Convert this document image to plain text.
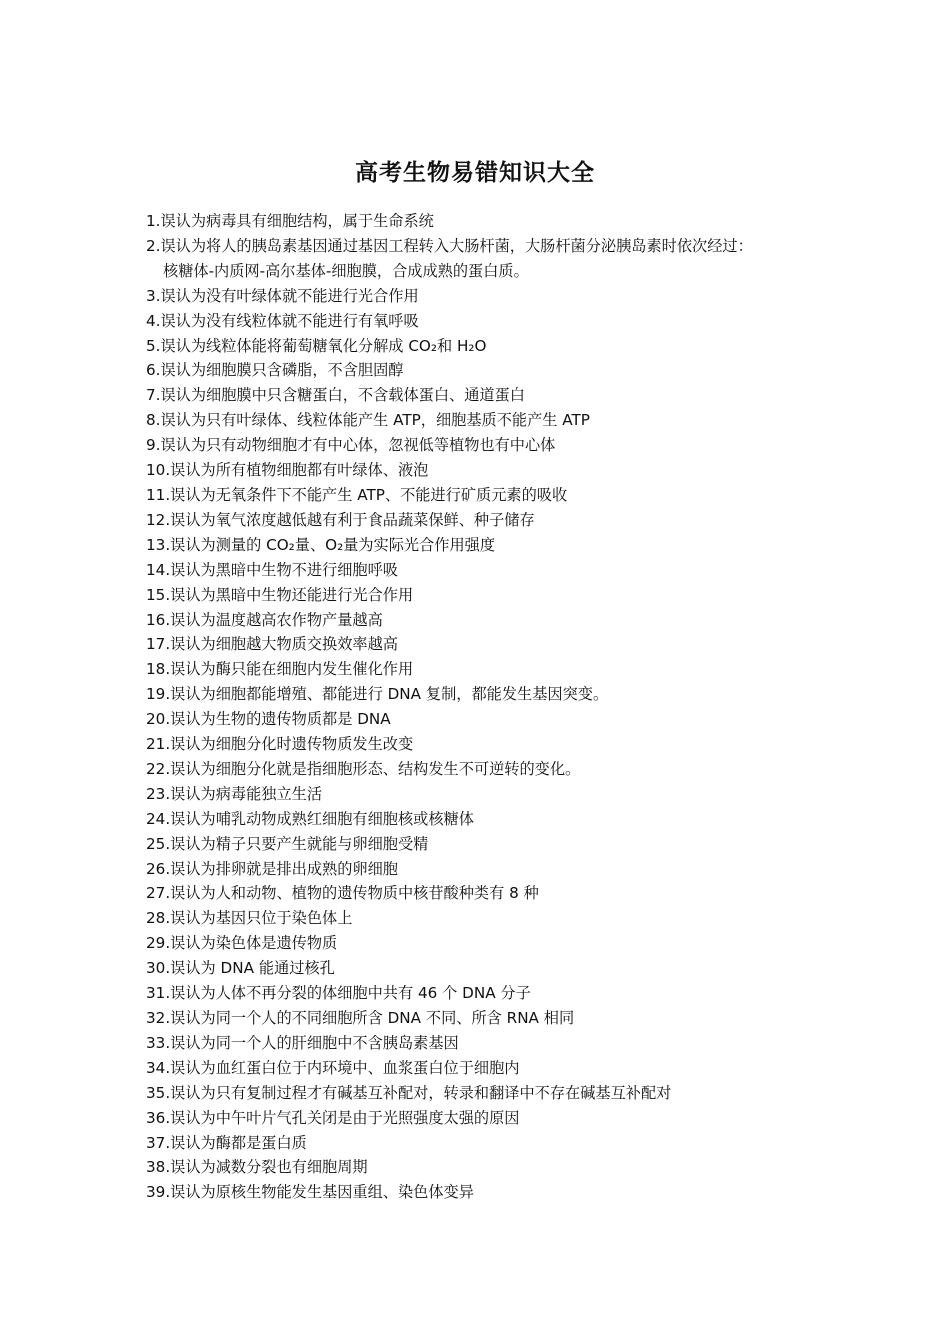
高考生物易错知识大全
1.误认为病毒具有细胞结构，属于生命系统
2.误认为将人的胰岛素基因通过基因工程转入大肠杆菌，大肠杆菌分泌胰岛素时依次经过：
核糖体-内质网-高尔基体-细胞膜，合成成熟的蛋白质。
3.误认为没有叶绿体就不能进行光合作用
4.误认为没有线粒体就不能进行有氧呼吸
5.误认为线粒体能将葡萄糖氧化分解成 CO₂和 H₂O
6.误认为细胞膜只含磷脂，不含胆固醇
7.误认为细胞膜中只含糖蛋白，不含载体蛋白、通道蛋白
8.误认为只有叶绿体、线粒体能产生 ATP，细胞基质不能产生 ATP
9.误认为只有动物细胞才有中心体，忽视低等植物也有中心体
10.误认为所有植物细胞都有叶绿体、液泡
11.误认为无氧条件下不能产生 ATP、不能进行矿质元素的吸收
12.误认为氧气浓度越低越有利于食品蔬菜保鲜、种子储存
13.误认为测量的 CO₂量、O₂量为实际光合作用强度
14.误认为黑暗中生物不进行细胞呼吸
15.误认为黑暗中生物还能进行光合作用
16.误认为温度越高农作物产量越高
17.误认为细胞越大物质交换效率越高
18.误认为酶只能在细胞内发生催化作用
19.误认为细胞都能增殖、都能进行 DNA 复制，都能发生基因突变。
20.误认为生物的遗传物质都是 DNA
21.误认为细胞分化时遗传物质发生改变
22.误认为细胞分化就是指细胞形态、结构发生不可逆转的变化。
23.误认为病毒能独立生活
24.误认为哺乳动物成熟红细胞有细胞核或核糖体
25.误认为精子只要产生就能与卵细胞受精
26.误认为排卵就是排出成熟的卵细胞
27.误认为人和动物、植物的遗传物质中核苷酸种类有 8 种
28.误认为基因只位于染色体上
29.误认为染色体是遗传物质
30.误认为 DNA 能通过核孔
31.误认为人体不再分裂的体细胞中共有 46 个 DNA 分子
32.误认为同一个人的不同细胞所含 DNA 不同、所含 RNA 相同
33.误认为同一个人的肝细胞中不含胰岛素基因
34.误认为血红蛋白位于内环境中、血浆蛋白位于细胞内
35.误认为只有复制过程才有碱基互补配对，转录和翻译中不存在碱基互补配对
36.误认为中午叶片气孔关闭是由于光照强度太强的原因
37.误认为酶都是蛋白质
38.误认为减数分裂也有细胞周期
39.误认为原核生物能发生基因重组、染色体变异
